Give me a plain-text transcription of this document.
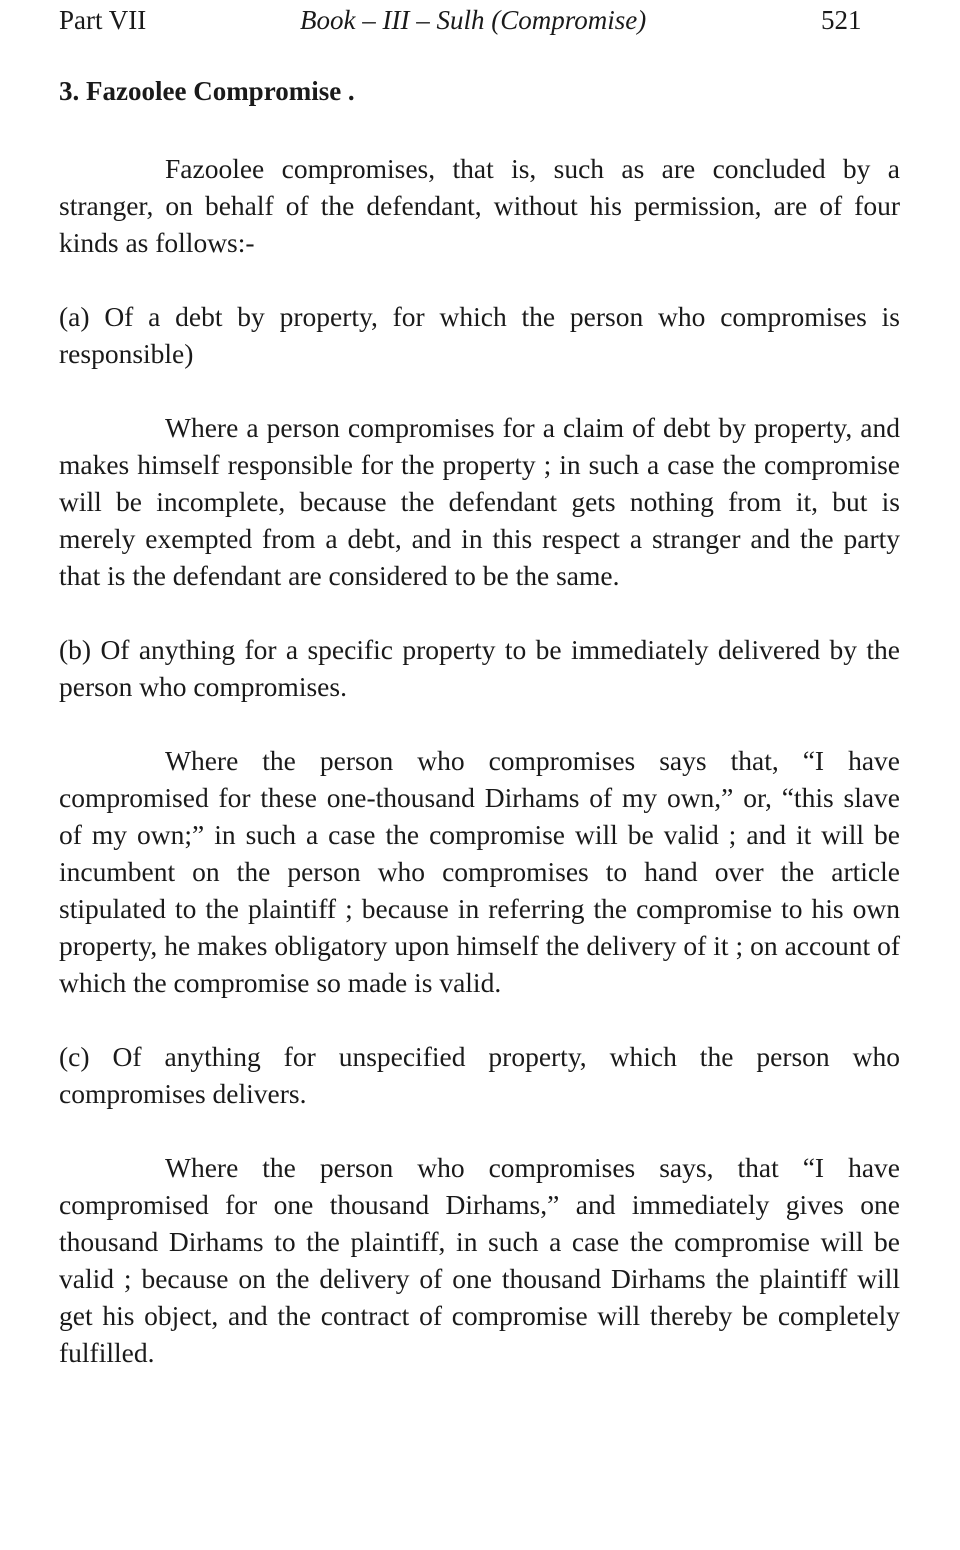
Part VII	Book – III – Sulh (Compromise)	521
3. Fazoolee Compromise .

Fazoolee compromises, that is, such as are concluded by a stranger, on behalf of the defendant, without his permission, are of four kinds as follows:-

(a) Of a debt by property, for which the person who compromises is responsible)

Where a person compromises for a claim of debt by property, and makes himself responsible for the property ; in such a case the compromise will be incomplete, because the defendant gets nothing from it, but is merely exempted from a debt, and in this respect a stranger and the party that is the defendant are considered to be the same.

(b) Of anything for a specific property to be immediately delivered by the person who compromises.

Where the person who compromises says that, “I have compromised for these one-thousand Dirhams of my own,” or, “this slave of my own;” in such a case the compromise will be valid ; and it will be incumbent on the person who compromises to hand over the article stipulated to the plaintiff ; because in referring the compromise to his own property, he makes obligatory upon himself the delivery of it ; on account of which the compromise so made is valid.

(c) Of anything for unspecified property, which the person who compromises delivers.

Where the person who compromises says, that “I have compromised for one thousand Dirhams,” and immediately gives one thousand Dirhams to the plaintiff, in such a case the compromise will be valid ; because on the delivery of one thousand Dirhams the plaintiff will get his object, and the contract of compromise will thereby be completely fulfilled.
